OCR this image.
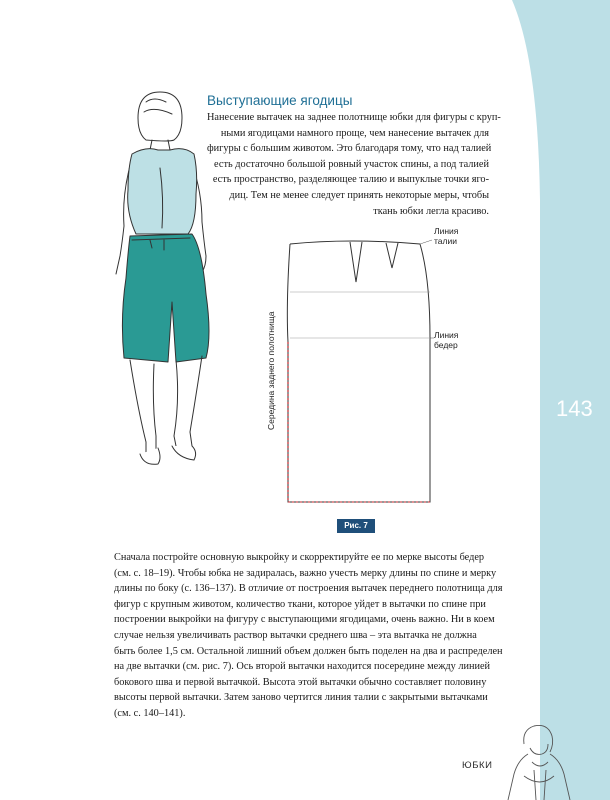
143
ЮБКИ
Выступающие ягодицы
Нанесение вытачек на заднее полотнище юбки для фигуры с круп-
ными ягодицами намного проще, чем нанесение вытачек для
фигуры с большим животом. Это благодаря тому, что над талией
есть достаточно большой ровный участок спины, а под талией
есть пространство, разделяющее талию и выпуклые точки яго-
диц. Тем не менее следует принять некоторые меры, чтобы
ткань юбки легла красиво.
Линия
талии
Линия
бедер
Середина заднего полотнища
Рис. 7
Сначала постройте основную выкройку и скорректируйте ее по мерке высоты бедер
(см. с. 18–19). Чтобы юбка не задиралась, важно учесть мерку длины по спине и мерку
длины по боку (с. 136–137). В отличие от построения вытачек переднего полотнища для
фигур с крупным животом, количество ткани, которое уйдет в вытачки по спине при
построении выкройки на фигуру с выступающими ягодицами, очень важно. Ни в коем
случае нельзя увеличивать раствор вытачки среднего шва – эта вытачка не должна
быть более 1,5 см. Остальной лишний объем должен быть поделен на два и распределен
на две вытачки (см. рис. 7). Ось второй вытачки находится посередине между линией
бокового шва и первой вытачкой. Высота этой вытачки обычно составляет половину
высоты первой вытачки. Затем заново чертится линия талии с закрытыми вытачками
(см. с. 140–141).
